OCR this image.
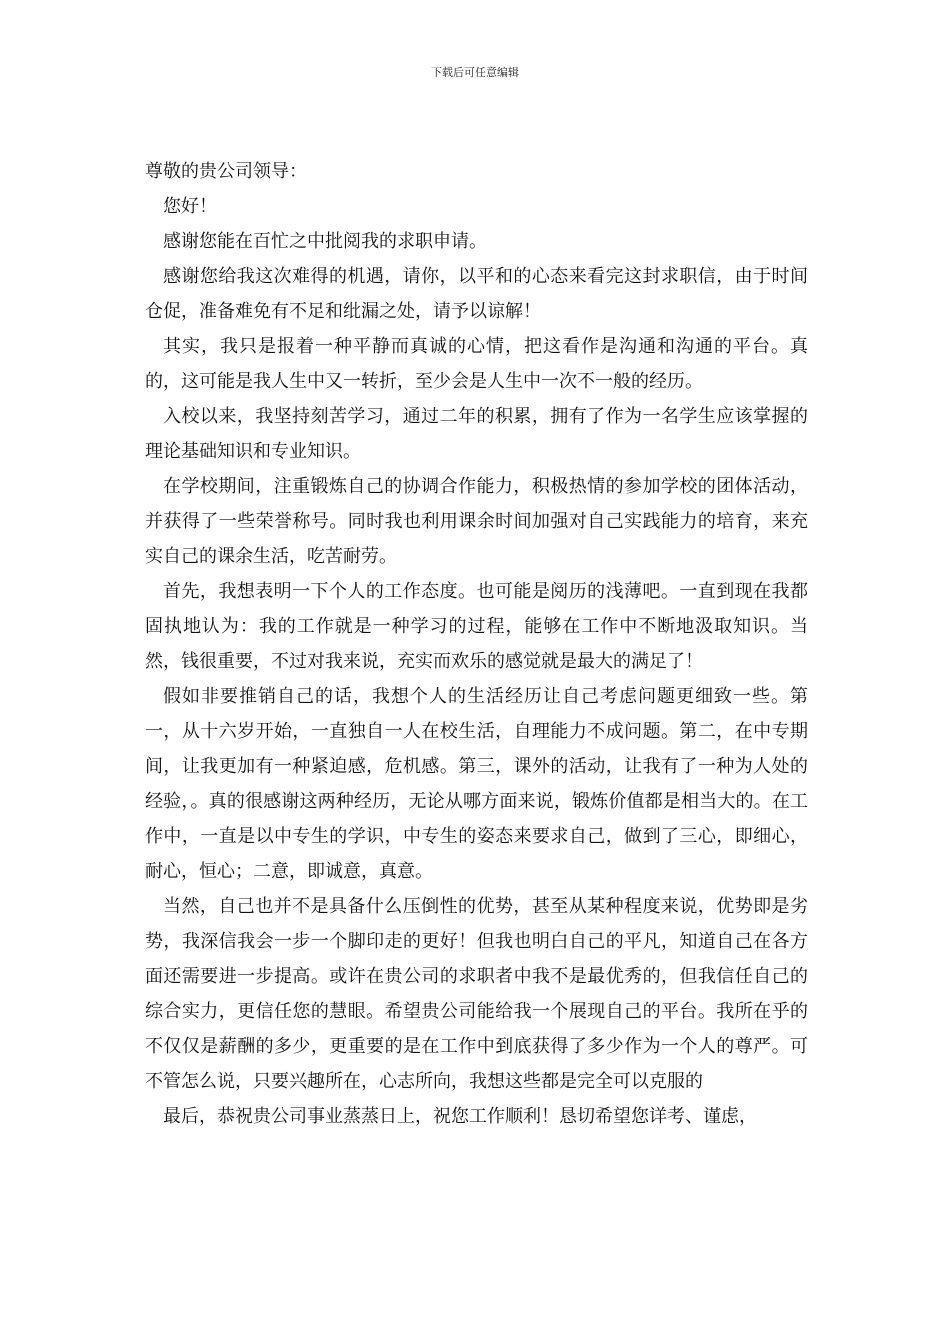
下载后可任意编辑

尊敬的贵公司领导：

您好！

感谢您能在百忙之中批阅我的求职申请。

感谢您给我这次难得的机遇，请你，以平和的心态来看完这封求职信，由于时间仓促，准备难免有不足和纰漏之处，请予以谅解！

其实，我只是报着一种平静而真诚的心情，把这看作是沟通和沟通的平台。真的，这可能是我人生中又一转折，至少会是人生中一次不一般的经历。

入校以来，我坚持刻苦学习，通过二年的积累，拥有了作为一名学生应该掌握的理论基础知识和专业知识。

在学校期间，注重锻炼自己的协调合作能力，积极热情的参加学校的团体活动，并获得了一些荣誉称号。同时我也利用课余时间加强对自己实践能力的培育，来充实自己的课余生活，吃苦耐劳。

首先，我想表明一下个人的工作态度。也可能是阅历的浅薄吧。一直到现在我都固执地认为：我的工作就是一种学习的过程，能够在工作中不断地汲取知识。当然，钱很重要，不过对我来说，充实而欢乐的感觉就是最大的满足了！

假如非要推销自己的话，我想个人的生活经历让自己考虑问题更细致一些。第一，从十六岁开始，一直独自一人在校生活，自理能力不成问题。第二，在中专期间，让我更加有一种紧迫感，危机感。第三，课外的活动，让我有了一种为人处的经验，。真的很感谢这两种经历，无论从哪方面来说，锻炼价值都是相当大的。在工作中，一直是以中专生的学识，中专生的姿态来要求自己，做到了三心，即细心，耐心，恒心；二意，即诚意，真意。

当然，自己也并不是具备什么压倒性的优势，甚至从某种程度来说，优势即是劣势，我深信我会一步一个脚印走的更好！但我也明白自己的平凡，知道自己在各方面还需要进一步提高。或许在贵公司的求职者中我不是最优秀的，但我信任自己的综合实力，更信任您的慧眼。希望贵公司能给我一个展现自己的平台。我所在乎的不仅仅是薪酬的多少，更重要的是在工作中到底获得了多少作为一个人的尊严。可不管怎么说，只要兴趣所在，心志所向，我想这些都是完全可以克服的

最后，恭祝贵公司事业蒸蒸日上，祝您工作顺利！恳切希望您详考、谨虑，
